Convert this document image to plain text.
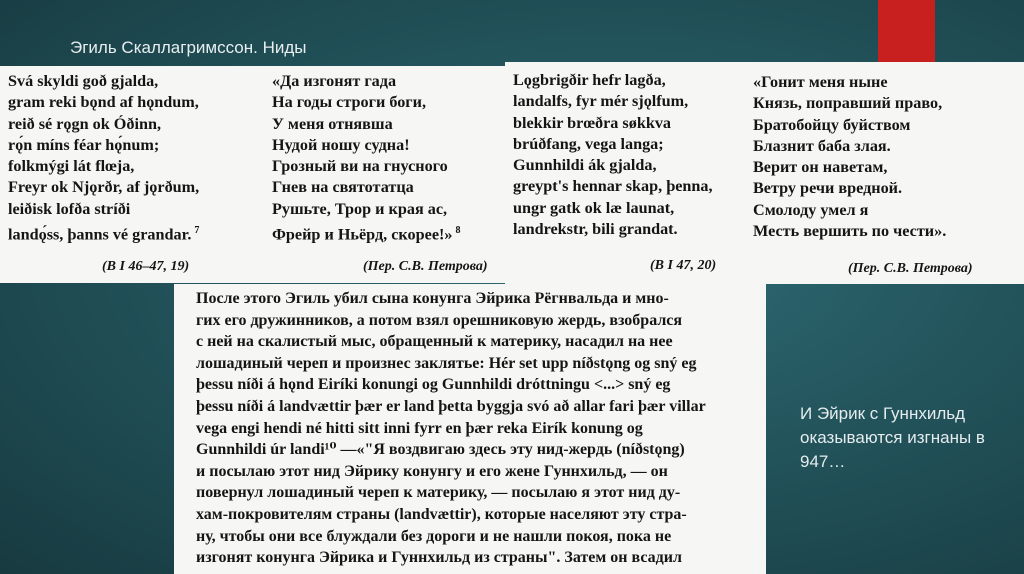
Эгиль Скаллагримссон. Ниды
Svá skyldi goð gjalda,
gram reki bǫnd af hǫndum,
reið sé rǫgn ok Óðinn,
rǫ́n míns féar hǫ́num;
folkmýgi lát flœja,
Freyr ok Njǫrðr, af jǫrðum,
leiðisk lofða stríði
landǫ́ss, þanns vé grandar. $^7$
(В I 46–47, 19)
«Да изгонят гада
На годы строги боги,
У меня отнявша
Нудой ношу судна!
Грозный ви на гнусного
Гнев на святотатца
Рушьте, Трор и края ас,
Фрейр и Ньёрд, скорее!» $^8$
(Пер. С.В. Петрова)
Lǫgbrigðir hefr lagða,
landalfs, fyr mér sjǫlfum,
blekkir brœðra søkkva
brúðfang, vega langa;
Gunnhildi ák gjalda,
greypt's hennar skap, þenna,
ungr gatk ok læ launat,
landrekstr, bili grandat.
(В I 47, 20)
«Гонит меня ныне
Князь, поправший право,
Братобойцу буйством
Блазнит баба злая.
Верит он наветам,
Ветру речи вредной.
Смолоду умел я
Месть вершить по чести».
(Пер. С.В. Петрова)

После этого Эгиль убил сына конунга Эйрика Рёгнвальда и мно-
гих его дружинников, а потом взял орешниковую жердь, взобрался
с ней на скалистый мыс, обращенный к материку, насадил на нее
лошадиный череп и произнес заклятье: Hér set upp níðstǫng og sný eg
þessu níði á hǫnd Eiríki konungi og Gunnhildi dróttningu <...> sný eg
þessu níði á landvættir þær er land þetta byggja svó að allar fari þær villar
vega engi hendi né hitti sitt inni fyrr en þær reka Eirík konung og
Gunnhildi úr landi¹⁰ —«"Я воздвигаю здесь эту нид-жердь (níðstǫng)
и посылаю этот нид Эйрику конунгу и его жене Гуннхильд, — он
повернул лошадиный череп к материку, — посылаю я этот нид ду-
хам-покровителям страны (landvættir), которые населяют эту стра-
ну, чтобы они все блуждали без дороги и не нашли покоя, пока не
изгонят конунга Эйрика и Гуннхильд из страны". Затем он всадил

И Эйрик с Гуннхильд оказываются изгнаны в 947…
